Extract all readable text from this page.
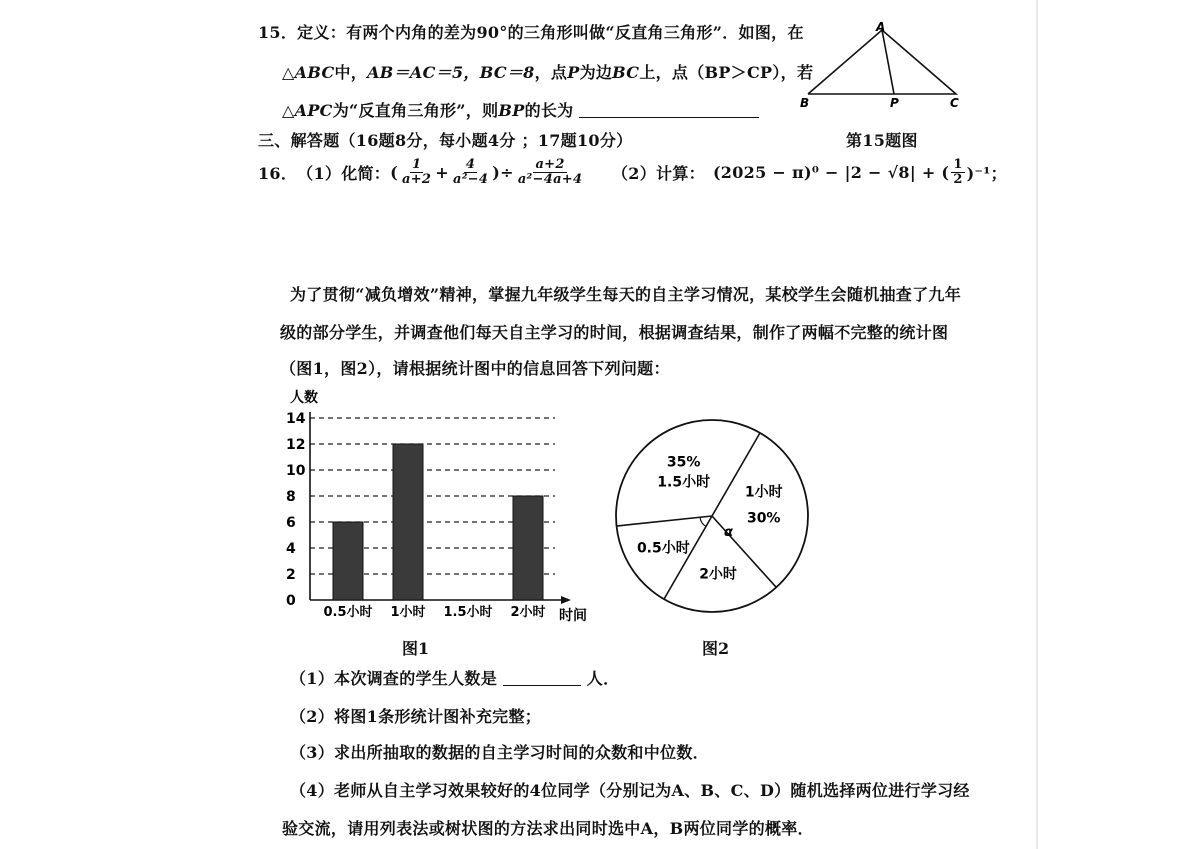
15．定义：有两个内角的差为90°的三角形叫做“反直角三角形”．如图，在
△ABC中，AB＝AC＝5，BC＝8，点P为边BC上，点（BP＞CP），若
△APC为“反直角三角形”，则BP的长为
A
B	P	C
第15题图
三、解答题（16题8分，每小题4分 ；17题10分）
16． （1）化简： ( $\frac{1}{a+2} + \frac{4}{\text{a²−4}}$ ) ÷ $\frac{a+2}{\text{a²−4a+4}} (2)$计算： (2025 − π)⁰ − |2 − √8| + ( $\frac{1}{2} )^{-1}$；
为了贯彻“减负增效”精神，掌握九年级学生每天的自主学习情况，某校学生会随机抽查了九年
级的部分学生，并调查他们每天自主学习的时间，根据调查结果，制作了两幅不完整的统计图
（图1，图2），请根据统计图中的信息回答下列问题：
人数
0
2
4
6
8
10
12
14
0.5小时 1小时 1.5小时 2小时 时间
图1
1小时
30%
2小时
0.5小时
35%
1.5小时
α
图2
（1）本次调查的学生人数是	人．
（2）将图1条形统计图补充完整；
（3）求出所抽取的数据的自主学习时间的众数和中位数．
（4）老师从自主学习效果较好的4位同学（分别记为A、B、C、D）随机选择两位进行学习经
验交流，请用列表法或树状图的方法求出同时选中A，B两位同学的概率．
